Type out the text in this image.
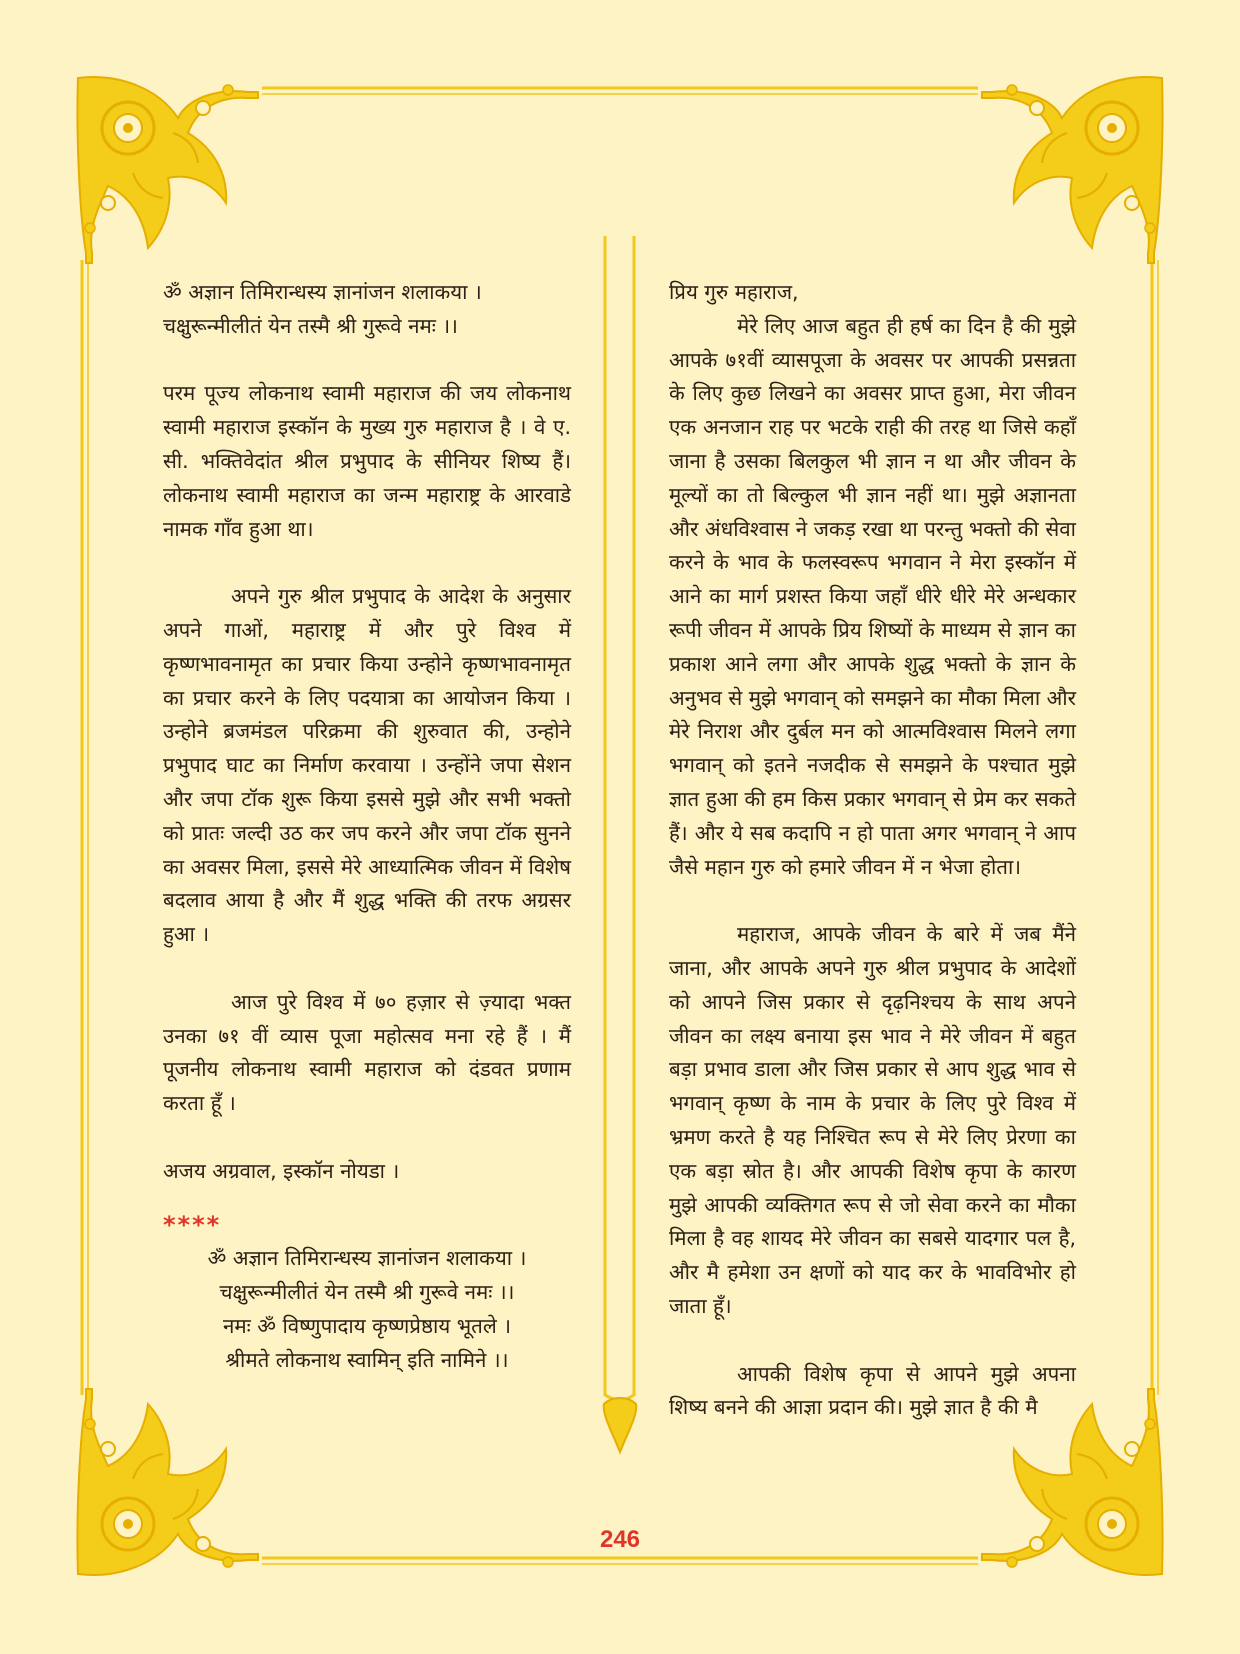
ॐ अज्ञान तिमिरान्धस्य ज्ञानांजन शलाकया ।

चक्षुरून्मीलीतं येन तस्मै श्री गुरूवे नमः ।।

परम पूज्य लोकनाथ स्वामी महाराज की जय लोकनाथ स्वामी महाराज इस्कॉन के मुख्य गुरु महाराज है । वे ए. सी. भक्तिवेदांत श्रील प्रभुपाद के सीनियर शिष्य हैं। लोकनाथ स्वामी महाराज का जन्म महाराष्ट्र के आरवाडे नामक गाँव हुआ था।

अपने गुरु श्रील प्रभुपाद के आदेश के अनुसार अपने गाओं, महाराष्ट्र में और पुरे विश्व में कृष्णभावनामृत का प्रचार किया उन्होने कृष्णभावनामृत का प्रचार करने के लिए पदयात्रा का आयोजन किया । उन्होने ब्रजमंडल परिक्रमा की शुरुवात की, उन्होने प्रभुपाद घाट का निर्माण करवाया । उन्होंने जपा सेशन और जपा टॉक शुरू किया इससे मुझे और सभी भक्तो को प्रातः जल्दी उठ कर जप करने और जपा टॉक सुनने का अवसर मिला, इससे मेरे आध्यात्मिक जीवन में विशेष बदलाव आया है और मैं शुद्ध भक्ति की तरफ अग्रसर हुआ ।

आज पुरे विश्व में ७० हज़ार से ज़्यादा भक्त उनका ७१ वीं व्यास पूजा महोत्सव मना रहे हैं । मैं पूजनीय लोकनाथ स्वामी महाराज को दंडवत प्रणाम करता हूँ ।

अजय अग्रवाल, इस्कॉन नोयडा ।

****

ॐ अज्ञान तिमिरान्धस्य ज्ञानांजन शलाकया ।
चक्षुरून्मीलीतं येन तस्मै श्री गुरूवे नमः ।।
नमः ॐ विष्णुपादाय कृष्णप्रेष्ठाय भूतले ।
श्रीमते लोकनाथ स्वामिन् इति नामिने ।।

प्रिय गुरु महाराज,

मेरे लिए आज बहुत ही हर्ष का दिन है की मुझे आपके ७१वीं व्यासपूजा के अवसर पर आपकी प्रसन्नता के लिए कुछ लिखने का अवसर प्राप्त हुआ, मेरा जीवन एक अनजान राह पर भटके राही की तरह था जिसे कहाँ जाना है उसका बिलकुल भी ज्ञान न था और जीवन के मूल्यों का तो बिल्कुल भी ज्ञान नहीं था। मुझे अज्ञानता और अंधविश्वास ने जकड़ रखा था परन्तु भक्तो की सेवा करने के भाव के फलस्वरूप भगवान ने मेरा इस्कॉन में आने का मार्ग प्रशस्त किया जहाँ धीरे धीरे मेरे अन्धकार रूपी जीवन में आपके प्रिय शिष्यों के माध्यम से ज्ञान का प्रकाश आने लगा और आपके शुद्ध भक्तो के ज्ञान के अनुभव से मुझे भगवान् को समझने का मौका मिला और मेरे निराश और दुर्बल मन को आत्मविश्वास मिलने लगा भगवान् को इतने नजदीक से समझने के पश्चात मुझे ज्ञात हुआ की हम किस प्रकार भगवान् से प्रेम कर सकते हैं। और ये सब कदापि न हो पाता अगर भगवान् ने आप जैसे महान गुरु को हमारे जीवन में न भेजा होता।

महाराज, आपके जीवन के बारे में जब मैंने जाना, और आपके अपने गुरु श्रील प्रभुपाद के आदेशों को आपने जिस प्रकार से दृढ़निश्चय के साथ अपने जीवन का लक्ष्य बनाया इस भाव ने मेरे जीवन में बहुत बड़ा प्रभाव डाला और जिस प्रकार से आप शुद्ध भाव से भगवान् कृष्ण के नाम के प्रचार के लिए पुरे विश्व में भ्रमण करते है यह निश्चित रूप से मेरे लिए प्रेरणा का एक बड़ा स्रोत है। और आपकी विशेष कृपा के कारण मुझे आपकी व्यक्तिगत रूप से जो सेवा करने का मौका मिला है वह शायद मेरे जीवन का सबसे यादगार पल है, और मै हमेशा उन क्षणों को याद कर के भावविभोर हो जाता हूँ।

आपकी विशेष कृपा से आपने मुझे अपना शिष्य बनने की आज्ञा प्रदान की। मुझे ज्ञात है की मै

246
